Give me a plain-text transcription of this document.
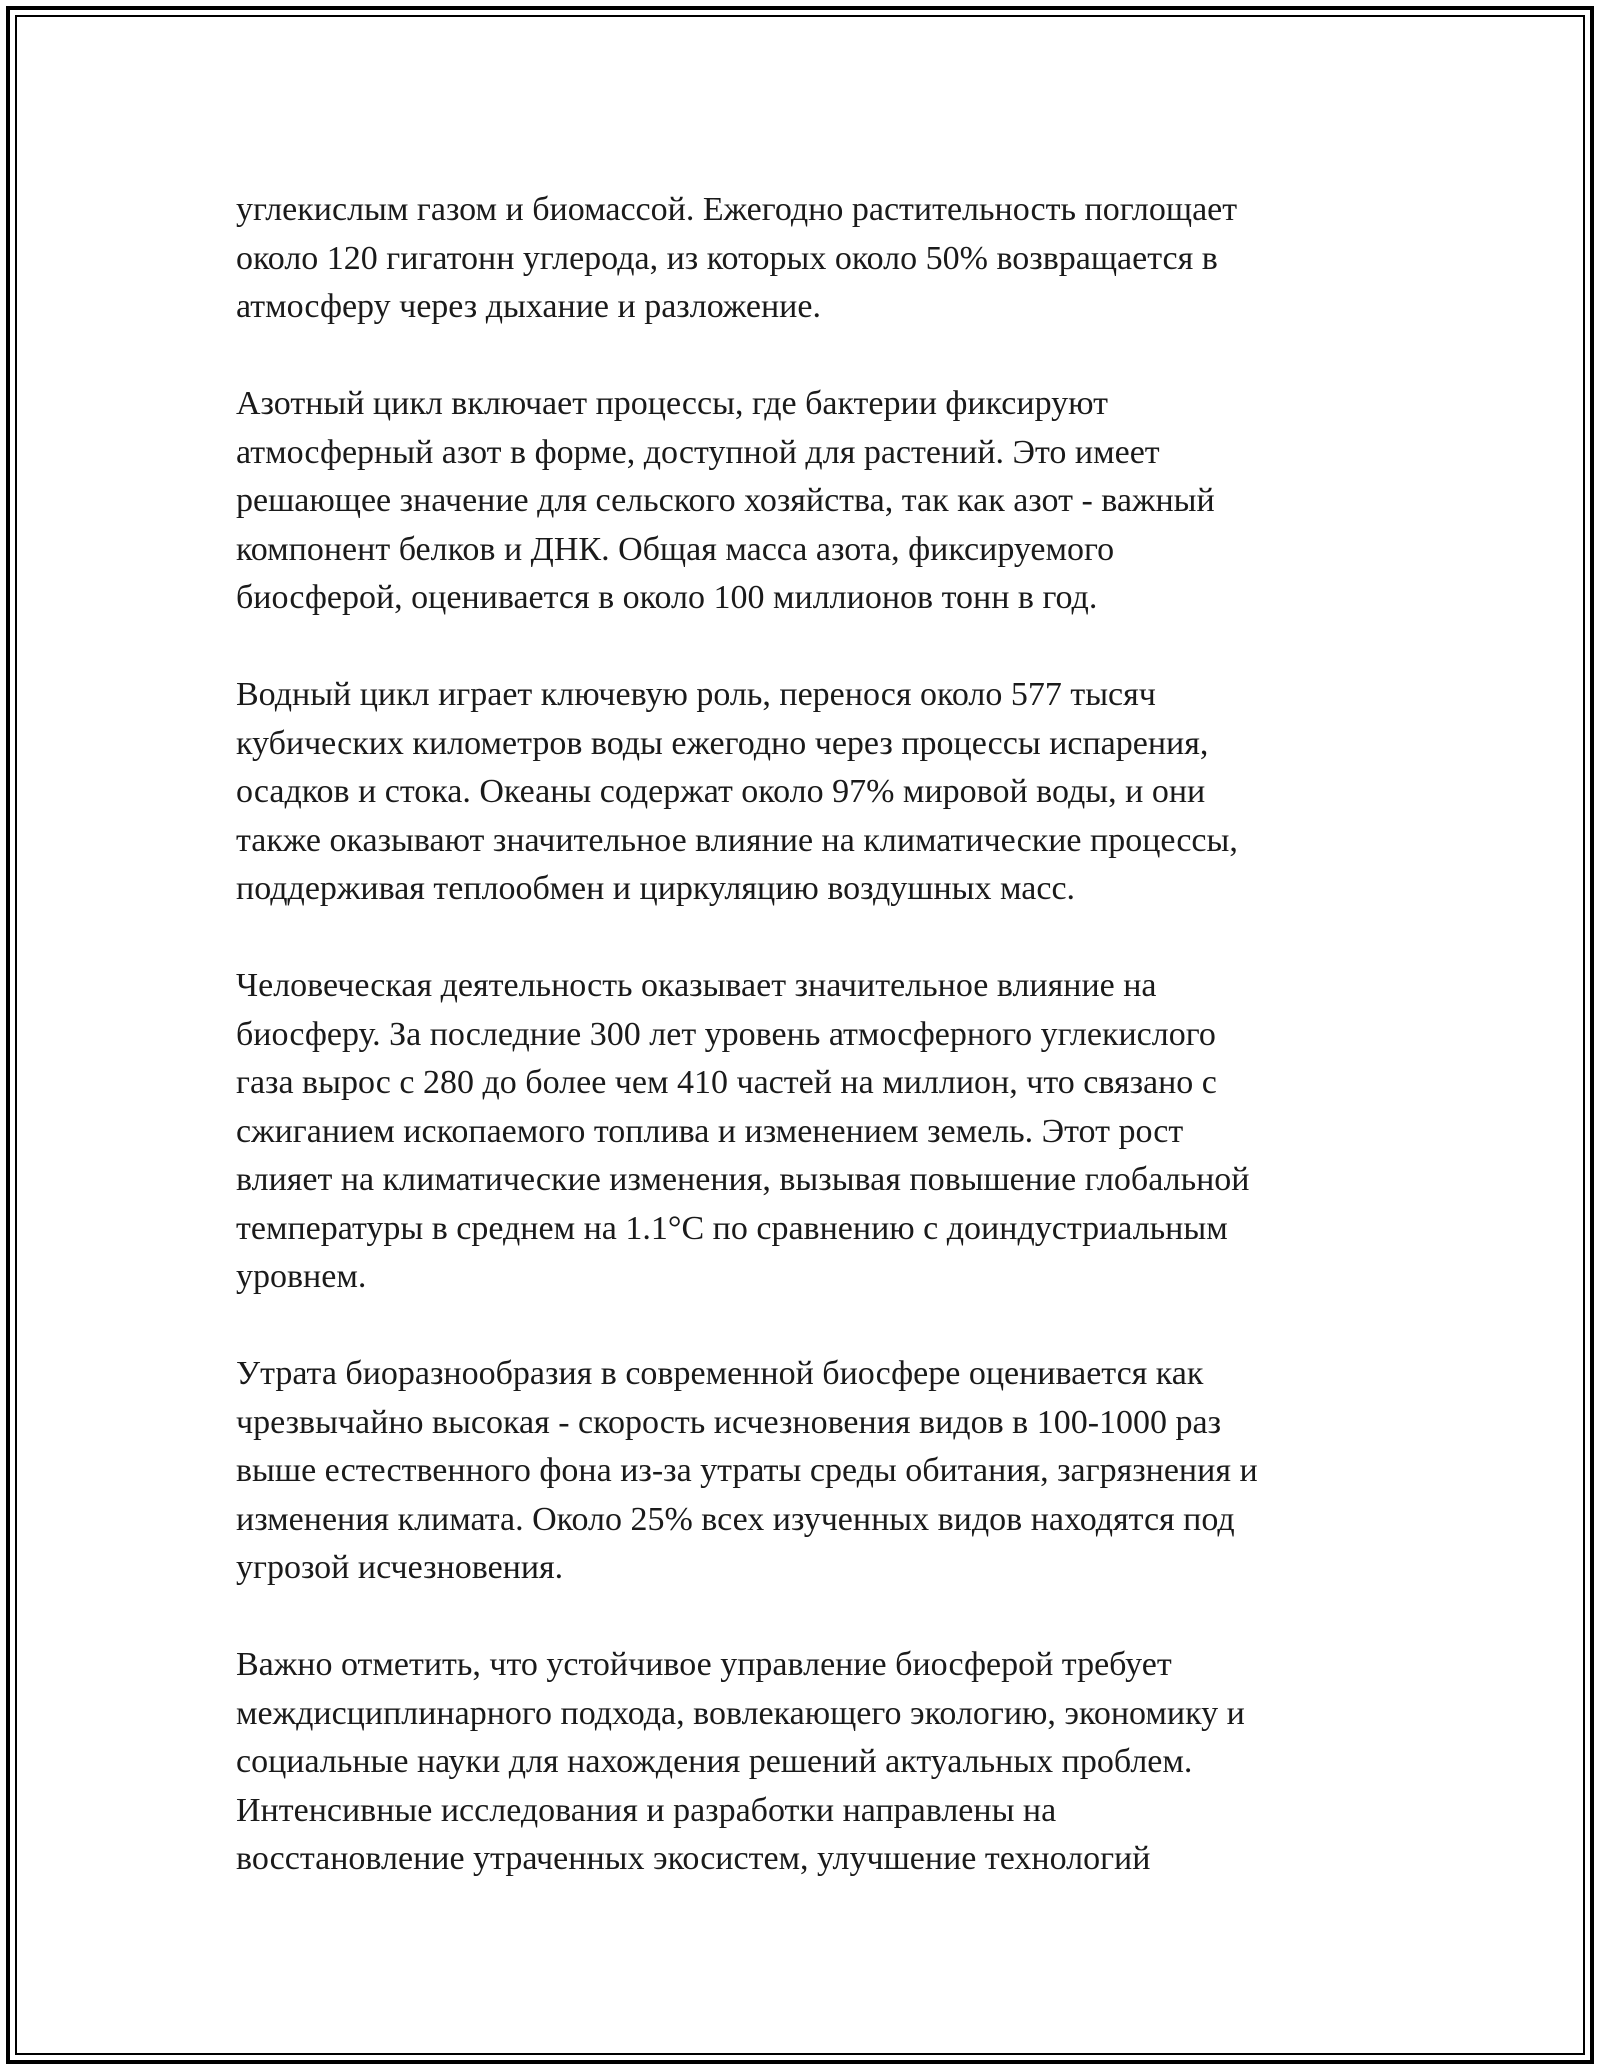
углекислым газом и биомассой. Ежегодно растительность поглощает
около 120 гигатонн углерода, из которых около 50% возвращается в
атмосферу через дыхание и разложение.

Азотный цикл включает процессы, где бактерии фиксируют
атмосферный азот в форме, доступной для растений. Это имеет
решающее значение для сельского хозяйства, так как азот - важный
компонент белков и ДНК. Общая масса азота, фиксируемого
биосферой, оценивается в около 100 миллионов тонн в год.

Водный цикл играет ключевую роль, перенося около 577 тысяч
кубических километров воды ежегодно через процессы испарения,
осадков и стока. Океаны содержат около 97% мировой воды, и они
также оказывают значительное влияние на климатические процессы,
поддерживая теплообмен и циркуляцию воздушных масс.

Человеческая деятельность оказывает значительное влияние на
биосферу. За последние 300 лет уровень атмосферного углекислого
газа вырос с 280 до более чем 410 частей на миллион, что связано с
сжиганием ископаемого топлива и изменением земель. Этот рост
влияет на климатические изменения, вызывая повышение глобальной
температуры в среднем на 1.1°C по сравнению с доиндустриальным
уровнем.

Утрата биоразнообразия в современной биосфере оценивается как
чрезвычайно высокая - скорость исчезновения видов в 100-1000 раз
выше естественного фона из-за утраты среды обитания, загрязнения и
изменения климата. Около 25% всех изученных видов находятся под
угрозой исчезновения.

Важно отметить, что устойчивое управление биосферой требует
междисциплинарного подхода, вовлекающего экологию, экономику и
социальные науки для нахождения решений актуальных проблем.
Интенсивные исследования и разработки направлены на
восстановление утраченных экосистем, улучшение технологий
